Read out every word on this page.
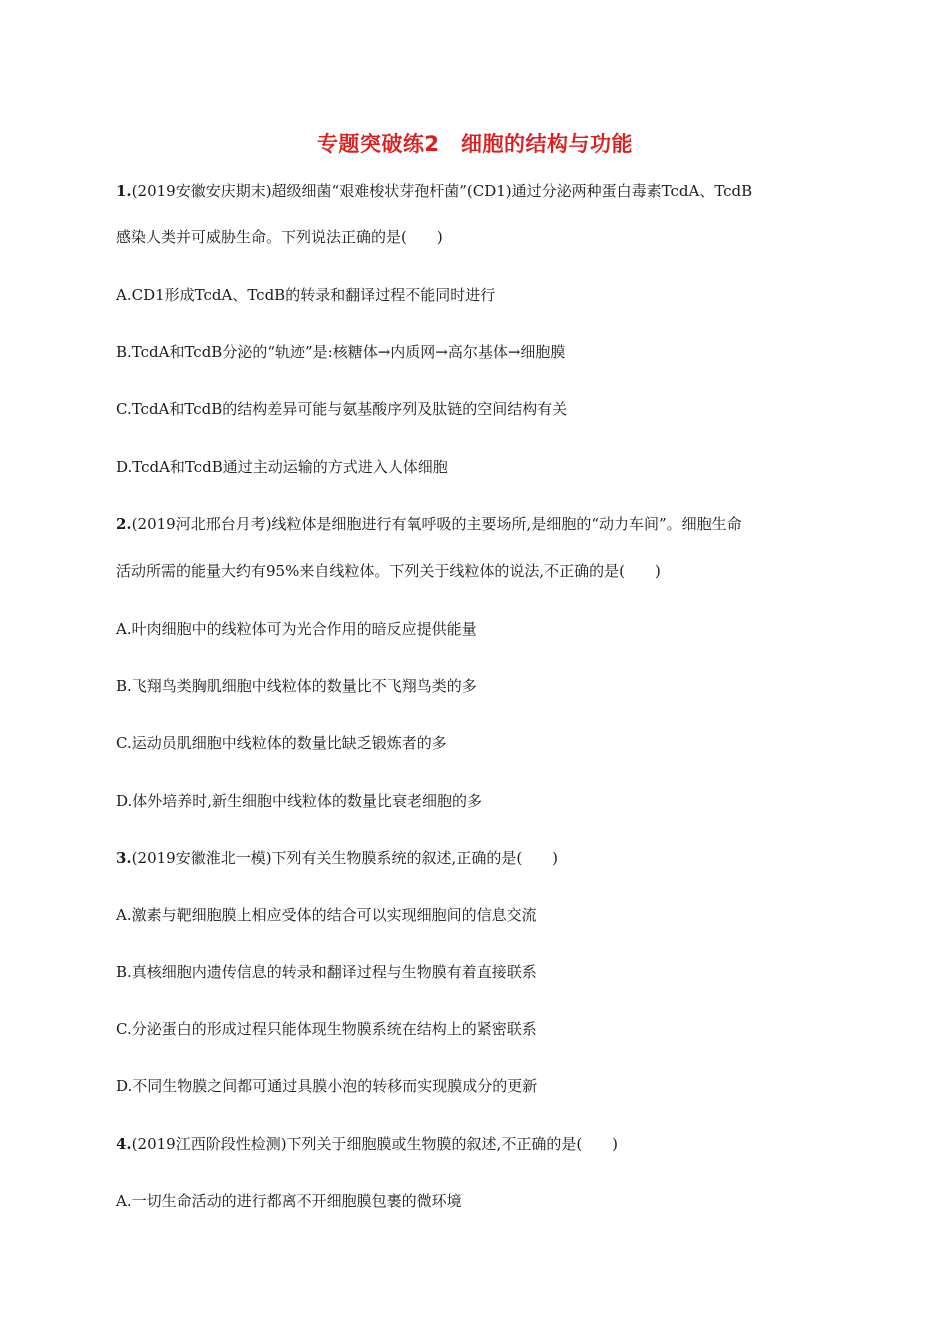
专题突破练2　细胞的结构与功能
1.(2019安徽安庆期末)超级细菌“艰难梭状芽孢杆菌”(CD1)通过分泌两种蛋白毒素TcdA、TcdB
感染人类并可威胁生命。下列说法正确的是(　　)
A.CD1形成TcdA、TcdB的转录和翻译过程不能同时进行
B.TcdA和TcdB分泌的“轨迹”是:核糖体→内质网→高尔基体→细胞膜
C.TcdA和TcdB的结构差异可能与氨基酸序列及肽链的空间结构有关
D.TcdA和TcdB通过主动运输的方式进入人体细胞
2.(2019河北邢台月考)线粒体是细胞进行有氧呼吸的主要场所,是细胞的“动力车间”。细胞生命
活动所需的能量大约有95%来自线粒体。下列关于线粒体的说法,不正确的是(　　)
A.叶肉细胞中的线粒体可为光合作用的暗反应提供能量
B.飞翔鸟类胸肌细胞中线粒体的数量比不飞翔鸟类的多
C.运动员肌细胞中线粒体的数量比缺乏锻炼者的多
D.体外培养时,新生细胞中线粒体的数量比衰老细胞的多
3.(2019安徽淮北一模)下列有关生物膜系统的叙述,正确的是(　　)
A.激素与靶细胞膜上相应受体的结合可以实现细胞间的信息交流
B.真核细胞内遗传信息的转录和翻译过程与生物膜有着直接联系
C.分泌蛋白的形成过程只能体现生物膜系统在结构上的紧密联系
D.不同生物膜之间都可通过具膜小泡的转移而实现膜成分的更新
4.(2019江西阶段性检测)下列关于细胞膜或生物膜的叙述,不正确的是(　　)
A.一切生命活动的进行都离不开细胞膜包裹的微环境
